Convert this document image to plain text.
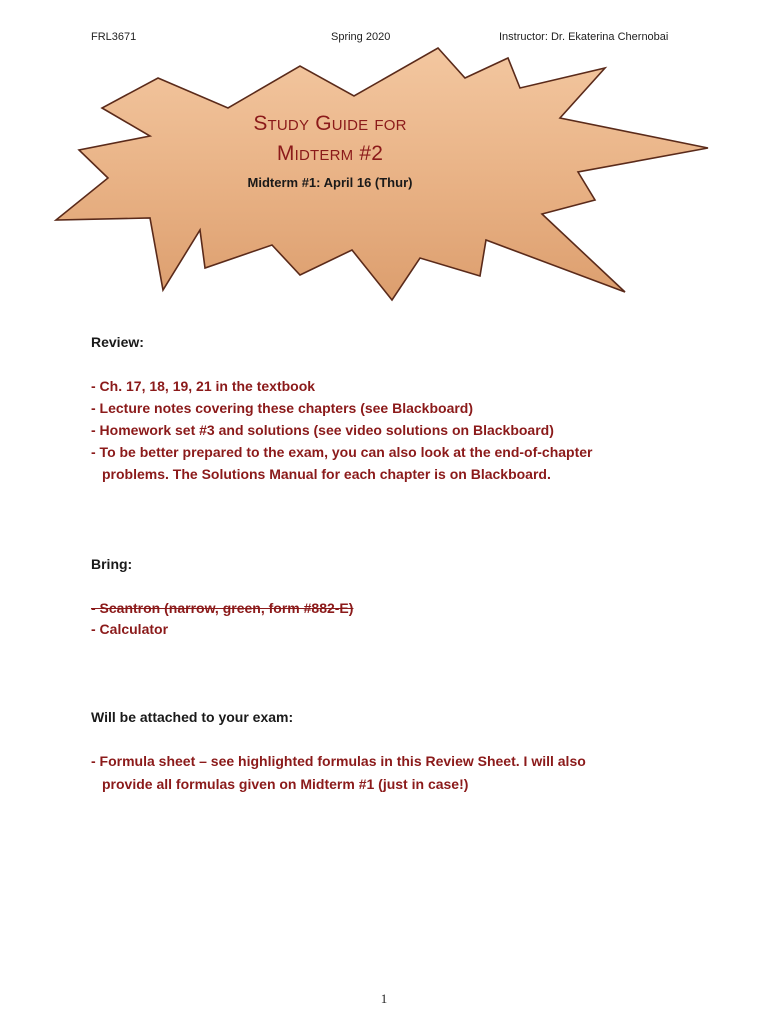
FRL3671	Spring 2020	Instructor: Dr. Ekaterina Chernobai
Study Guide for
Midterm #2
Midterm #1: April 16 (Thur)
Review:
- Ch. 17, 18, 19, 21 in the textbook
- Lecture notes covering these chapters (see Blackboard)
- Homework set #3 and solutions (see video solutions on Blackboard)
- To be better prepared to the exam, you can also look at the end-of-chapter
problems. The Solutions Manual for each chapter is on Blackboard.
Bring:
- Scantron (narrow, green, form #882-E)
- Calculator
Will be attached to your exam:
- Formula sheet – see highlighted formulas in this Review Sheet. I will also
provide all formulas given on Midterm #1 (just in case!)
1
